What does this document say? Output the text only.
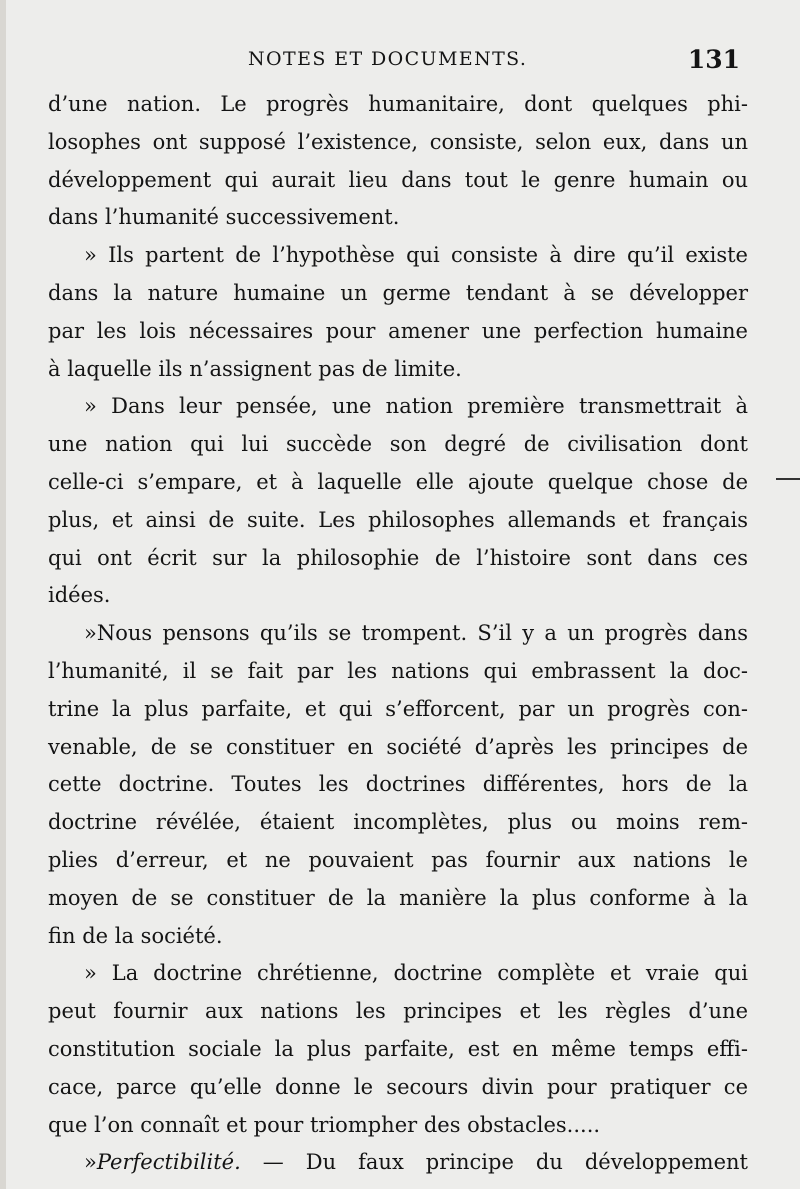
NOTES ET DOCUMENTS.	131
d’une nation. Le progrès humanitaire, dont quelques phi-
losophes ont supposé l’existence, consiste, selon eux, dans un
développement qui aurait lieu dans tout le genre humain ou
dans l’humanité successivement.
» Ils partent de l’hypothèse qui consiste à dire qu’il existe
dans la nature humaine un germe tendant à se développer
par les lois nécessaires pour amener une perfection humaine
à laquelle ils n’assignent pas de limite.
» Dans leur pensée, une nation première transmettrait à
une nation qui lui succède son degré de civilisation dont
celle-ci s’empare, et à laquelle elle ajoute quelque chose de
plus, et ainsi de suite. Les philosophes allemands et français
qui ont écrit sur la philosophie de l’histoire sont dans ces
idées.
»Nous pensons qu’ils se trompent. S’il y a un progrès dans
l’humanité, il se fait par les nations qui embrassent la doc-
trine la plus parfaite, et qui s’efforcent, par un progrès con-
venable, de se constituer en société d’après les principes de
cette doctrine. Toutes les doctrines différentes, hors de la
doctrine révélée, étaient incomplètes, plus ou moins rem-
plies d’erreur, et ne pouvaient pas fournir aux nations le
moyen de se constituer de la manière la plus conforme à la
fin de la société.
» La doctrine chrétienne, doctrine complète et vraie qui
peut fournir aux nations les principes et les règles d’une
constitution sociale la plus parfaite, est en même temps effi-
cace, parce qu’elle donne le secours divin pour pratiquer ce
que l’on connaît et pour triompher des obstacles.....
»Perfectibilité. — Du faux principe du développement
